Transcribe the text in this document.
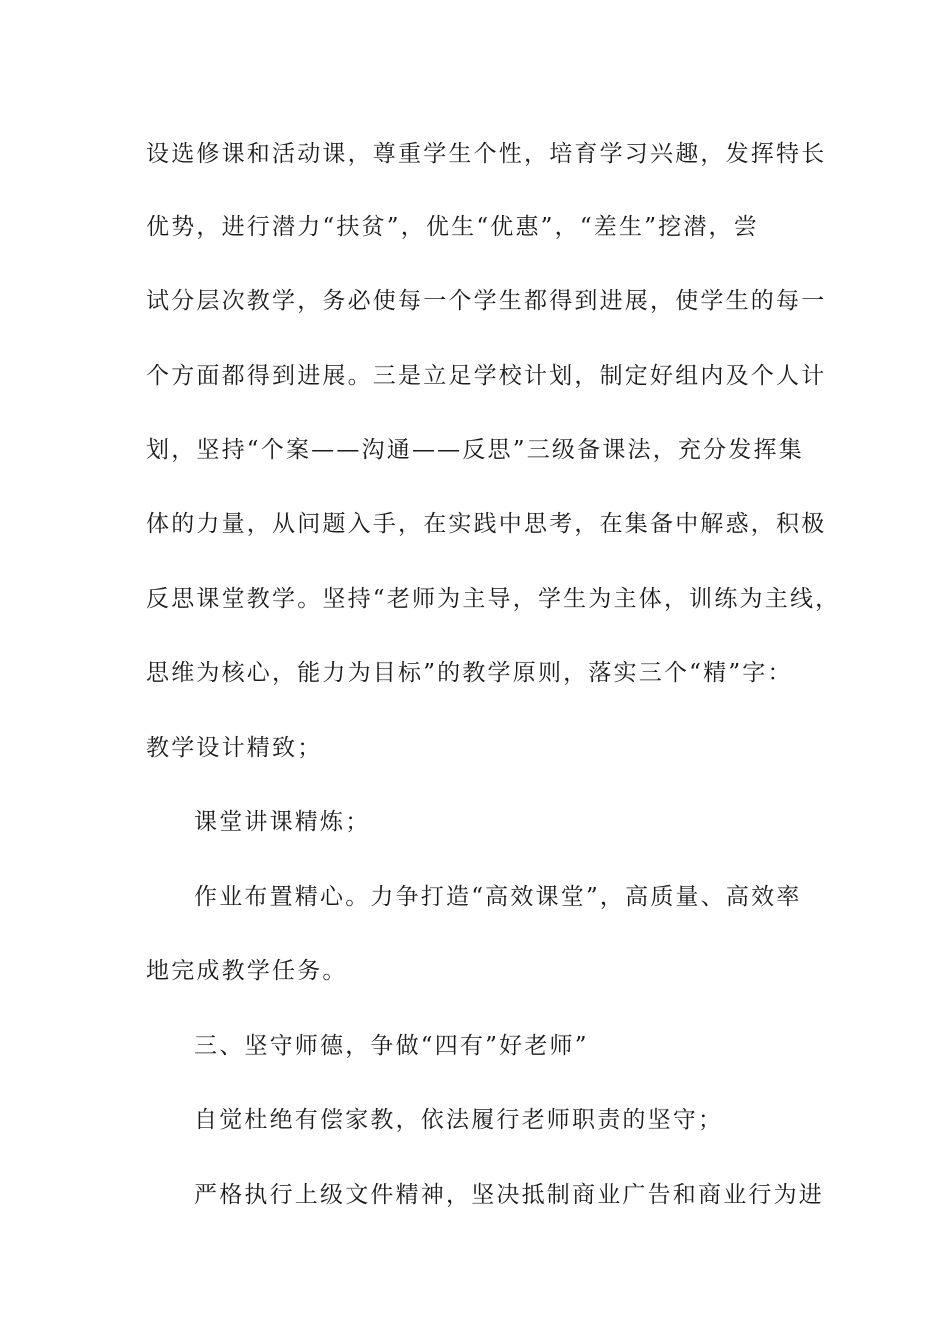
设选修课和活动课，尊重学生个性，培育学习兴趣，发挥特长
优势，进行潜力“扶贫”，优生“优惠”，“差生”挖潜，尝
试分层次教学，务必使每一个学生都得到进展，使学生的每一
个方面都得到进展。三是立足学校计划，制定好组内及个人计
划，坚持“个案——沟通——反思”三级备课法，充分发挥集
体的力量，从问题入手，在实践中思考，在集备中解惑，积极
反思课堂教学。坚持“老师为主导，学生为主体，训练为主线，
思维为核心，能力为目标”的教学原则，落实三个“精”字：
教学设计精致；
课堂讲课精炼；
作业布置精心。力争打造“高效课堂”，高质量、高效率
地完成教学任务。
三、坚守师德，争做“四有”好老师”
自觉杜绝有偿家教，依法履行老师职责的坚守；
严格执行上级文件精神，坚决抵制商业广告和商业行为进
